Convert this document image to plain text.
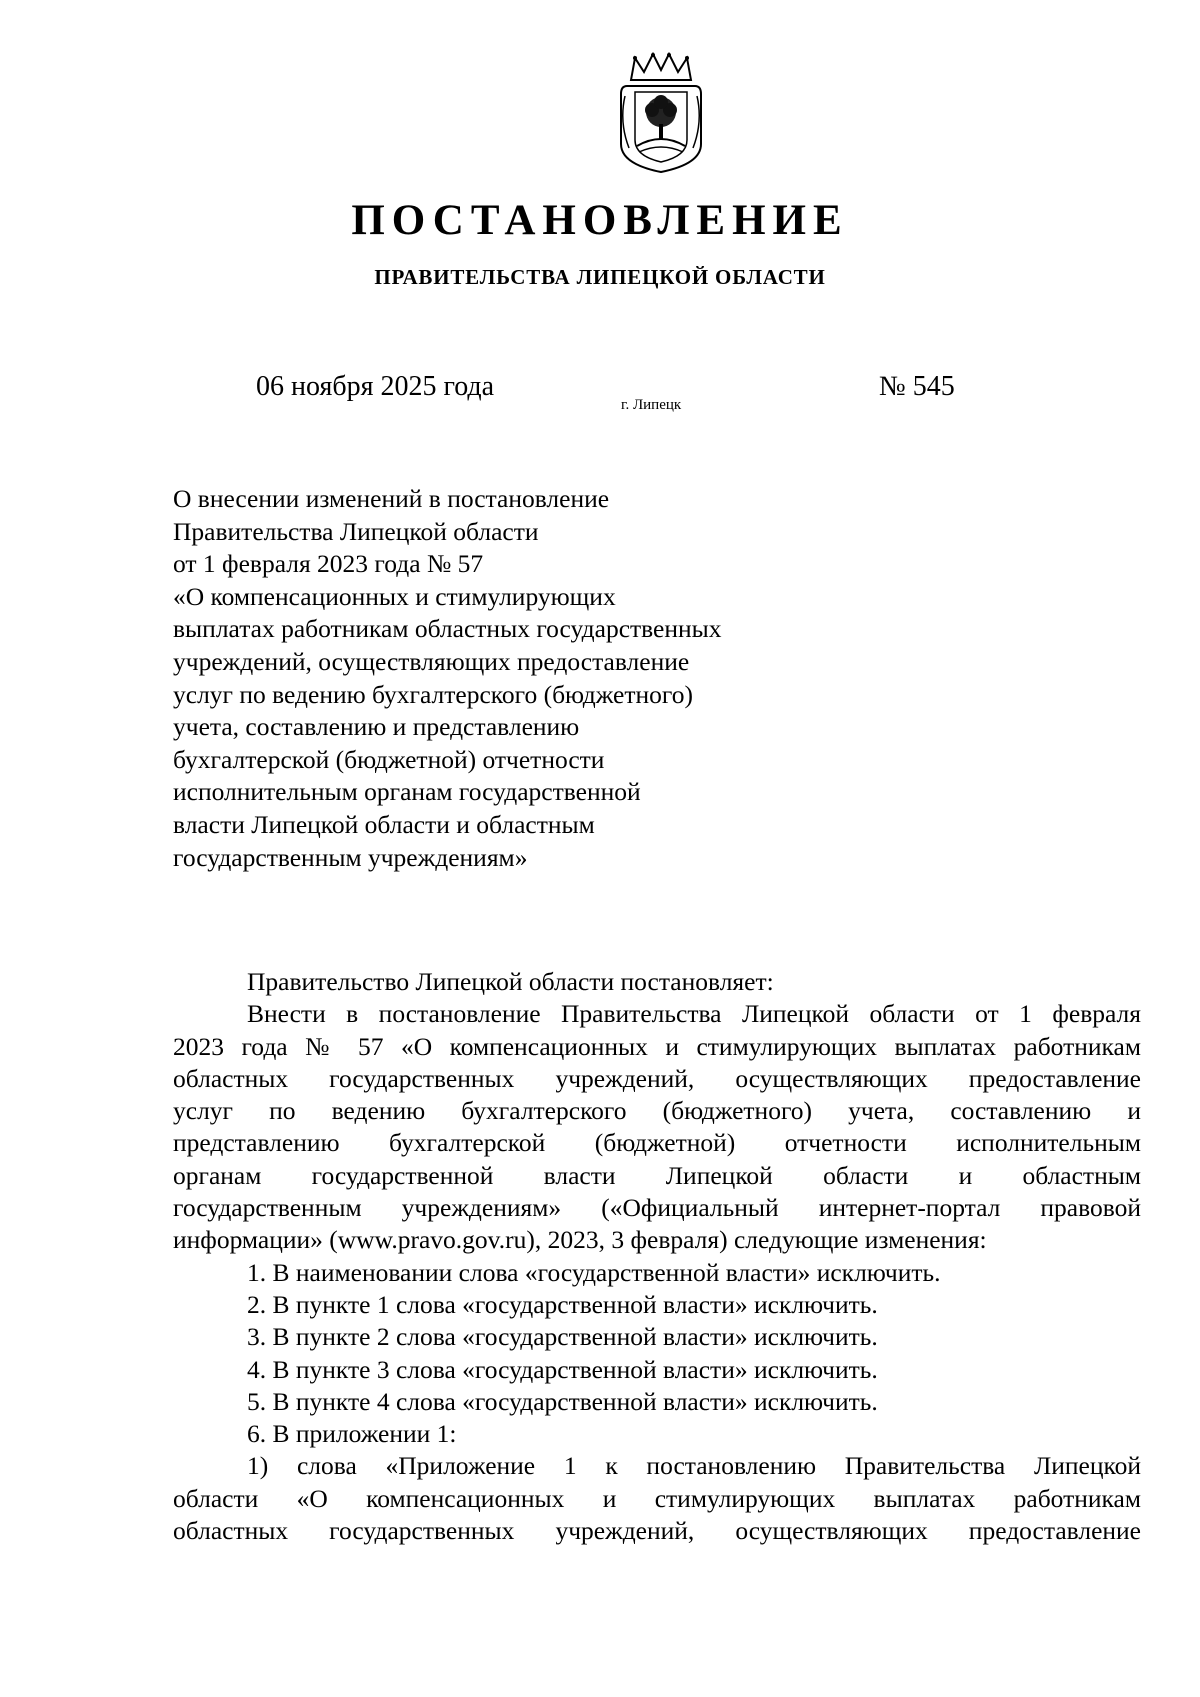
ПОСТАНОВЛЕНИЕ
ПРАВИТЕЛЬСТВА ЛИПЕЦКОЙ ОБЛАСТИ
06 ноября 2025 года
г. Липецк
№ 545
О внесении изменений в постановление
Правительства Липецкой области
от 1 февраля 2023 года № 57
«О компенсационных и стимулирующих
выплатах работникам областных государственных
учреждений, осуществляющих предоставление
услуг по ведению бухгалтерского (бюджетного)
учета, составлению и представлению
бухгалтерской (бюджетной) отчетности
исполнительным органам государственной
власти Липецкой области и областным
государственным учреждениям»
Правительство Липецкой области постановляет:
Внести в постановление Правительства Липецкой области от 1 февраля
2023 года № 57 «О компенсационных и стимулирующих выплатах работникам
областных государственных учреждений, осуществляющих предоставление
услуг по ведению бухгалтерского (бюджетного) учета, составлению и
представлению бухгалтерской (бюджетной) отчетности исполнительным
органам государственной власти Липецкой области и областным
государственным учреждениям» («Официальный интернет-портал правовой
информации» (www.pravo.gov.ru), 2023, 3 февраля) следующие изменения:
1. В наименовании слова «государственной власти» исключить.
2. В пункте 1 слова «государственной власти» исключить.
3. В пункте 2 слова «государственной власти» исключить.
4. В пункте 3 слова «государственной власти» исключить.
5. В пункте 4 слова «государственной власти» исключить.
6. В приложении 1:
1) слова «Приложение 1 к постановлению Правительства Липецкой
области «О компенсационных и стимулирующих выплатах работникам
областных государственных учреждений, осуществляющих предоставление
